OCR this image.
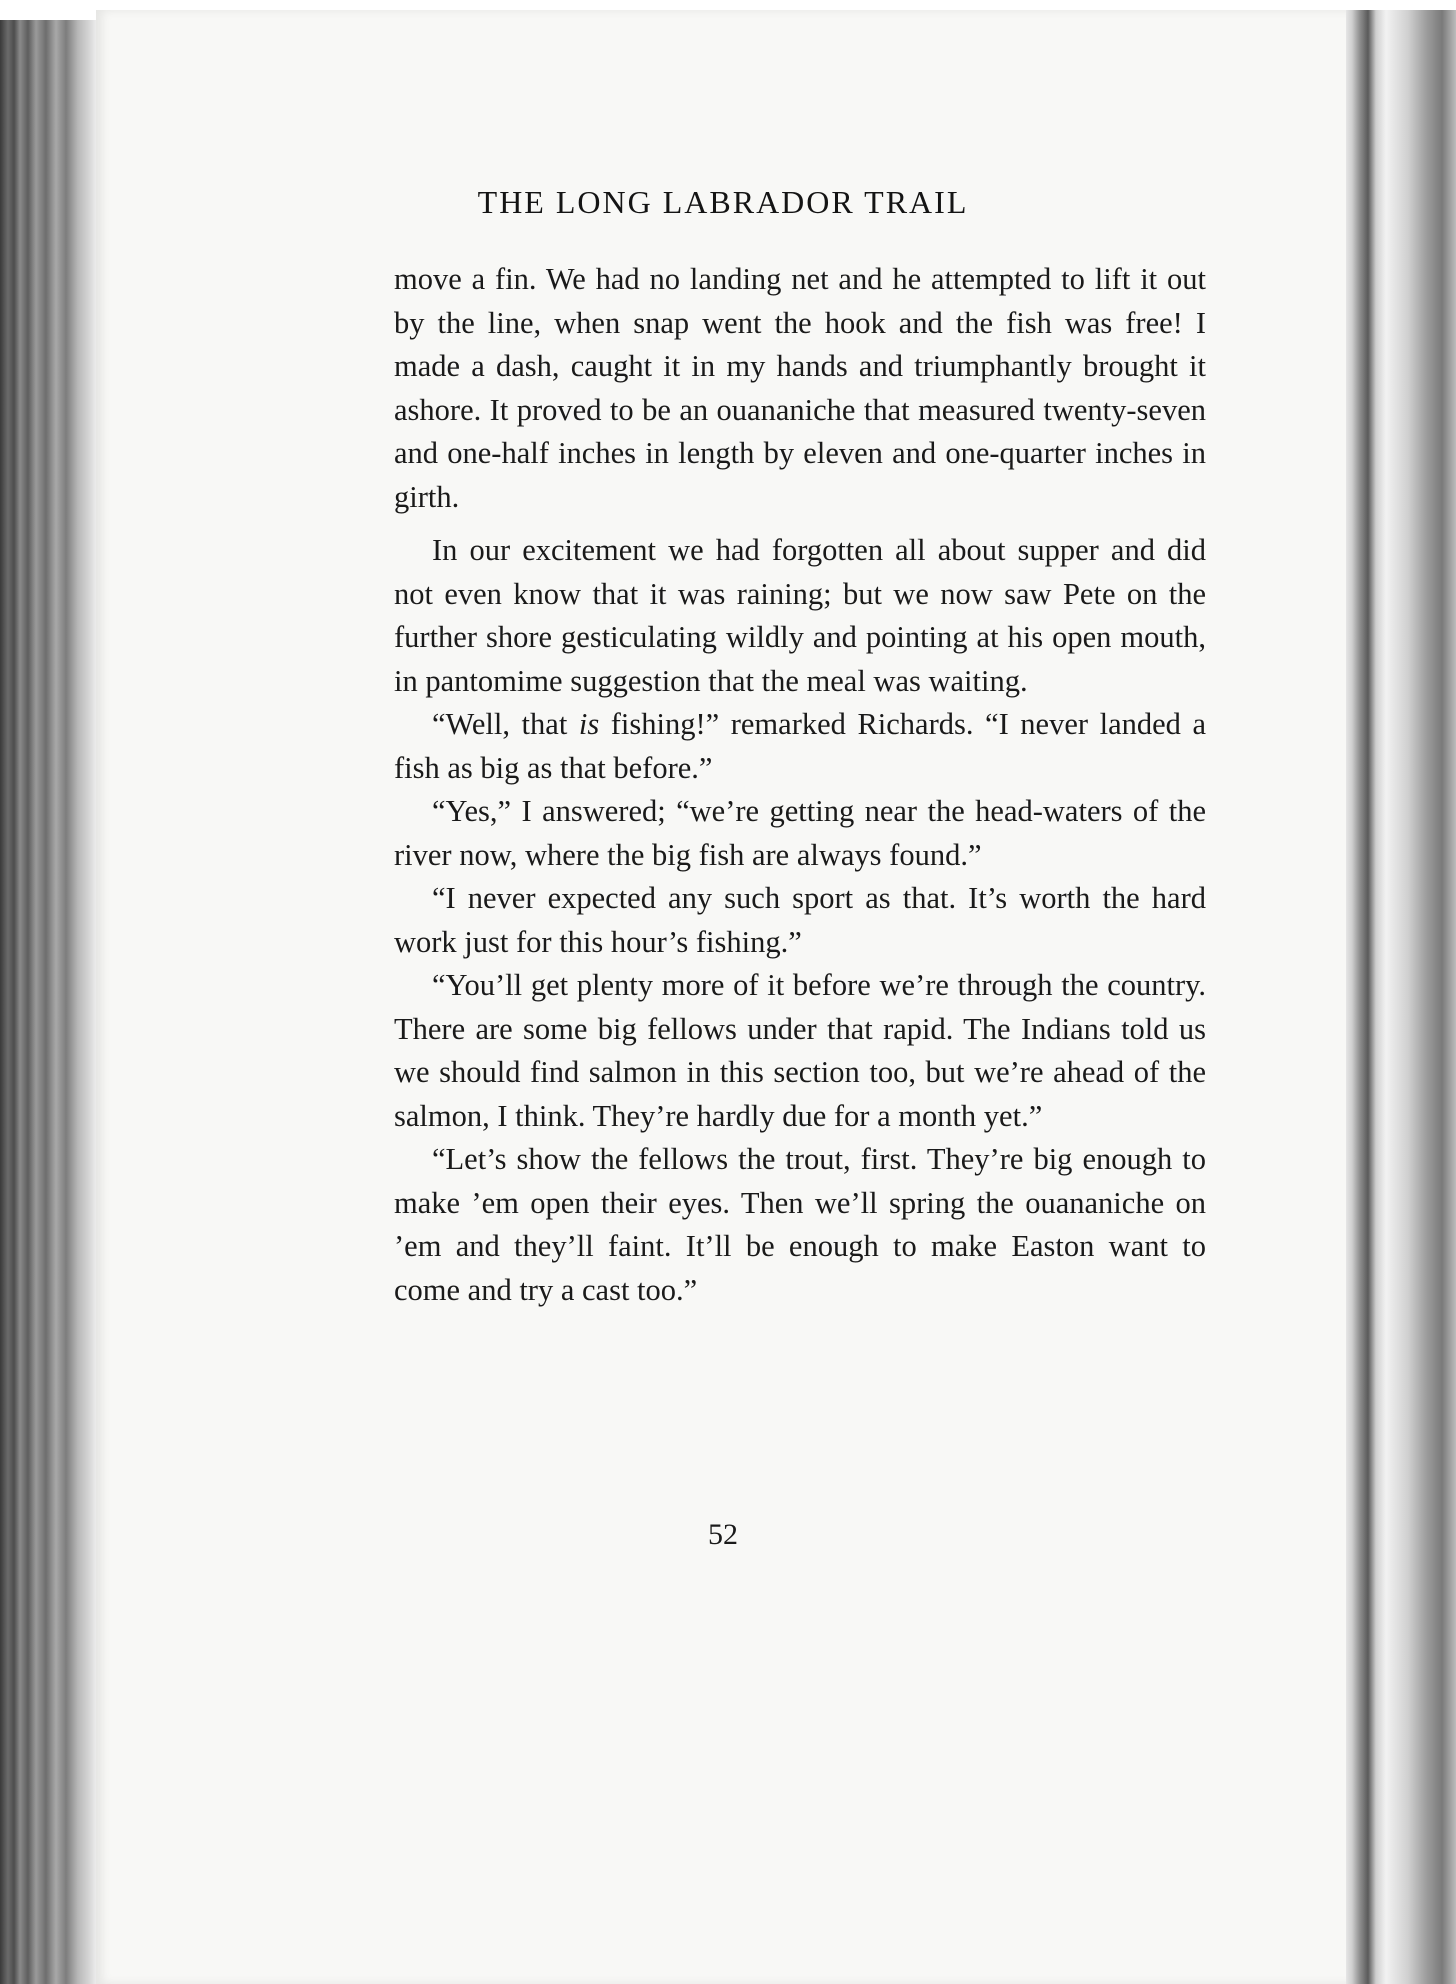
THE LONG LABRADOR TRAIL

move a fin. We had no landing net and he attempted to lift it out by the line, when snap went the hook and the fish was free! I made a dash, caught it in my hands and triumphantly brought it ashore. It proved to be an ouananiche that measured twenty-seven and one-half inches in length by eleven and one-quarter inches in girth.

In our excitement we had forgotten all about supper and did not even know that it was raining; but we now saw Pete on the further shore gesticulating wildly and pointing at his open mouth, in pantomime suggestion that the meal was waiting.

“Well, that is fishing!” remarked Richards. “I never landed a fish as big as that before.”

“Yes,” I answered; “we’re getting near the head-waters of the river now, where the big fish are always found.”

“I never expected any such sport as that. It’s worth the hard work just for this hour’s fishing.”

“You’ll get plenty more of it before we’re through the country. There are some big fellows under that rapid. The Indians told us we should find salmon in this section too, but we’re ahead of the salmon, I think. They’re hardly due for a month yet.”

“Let’s show the fellows the trout, first. They’re big enough to make ’em open their eyes. Then we’ll spring the ouananiche on ’em and they’ll faint. It’ll be enough to make Easton want to come and try a cast too.”

52
